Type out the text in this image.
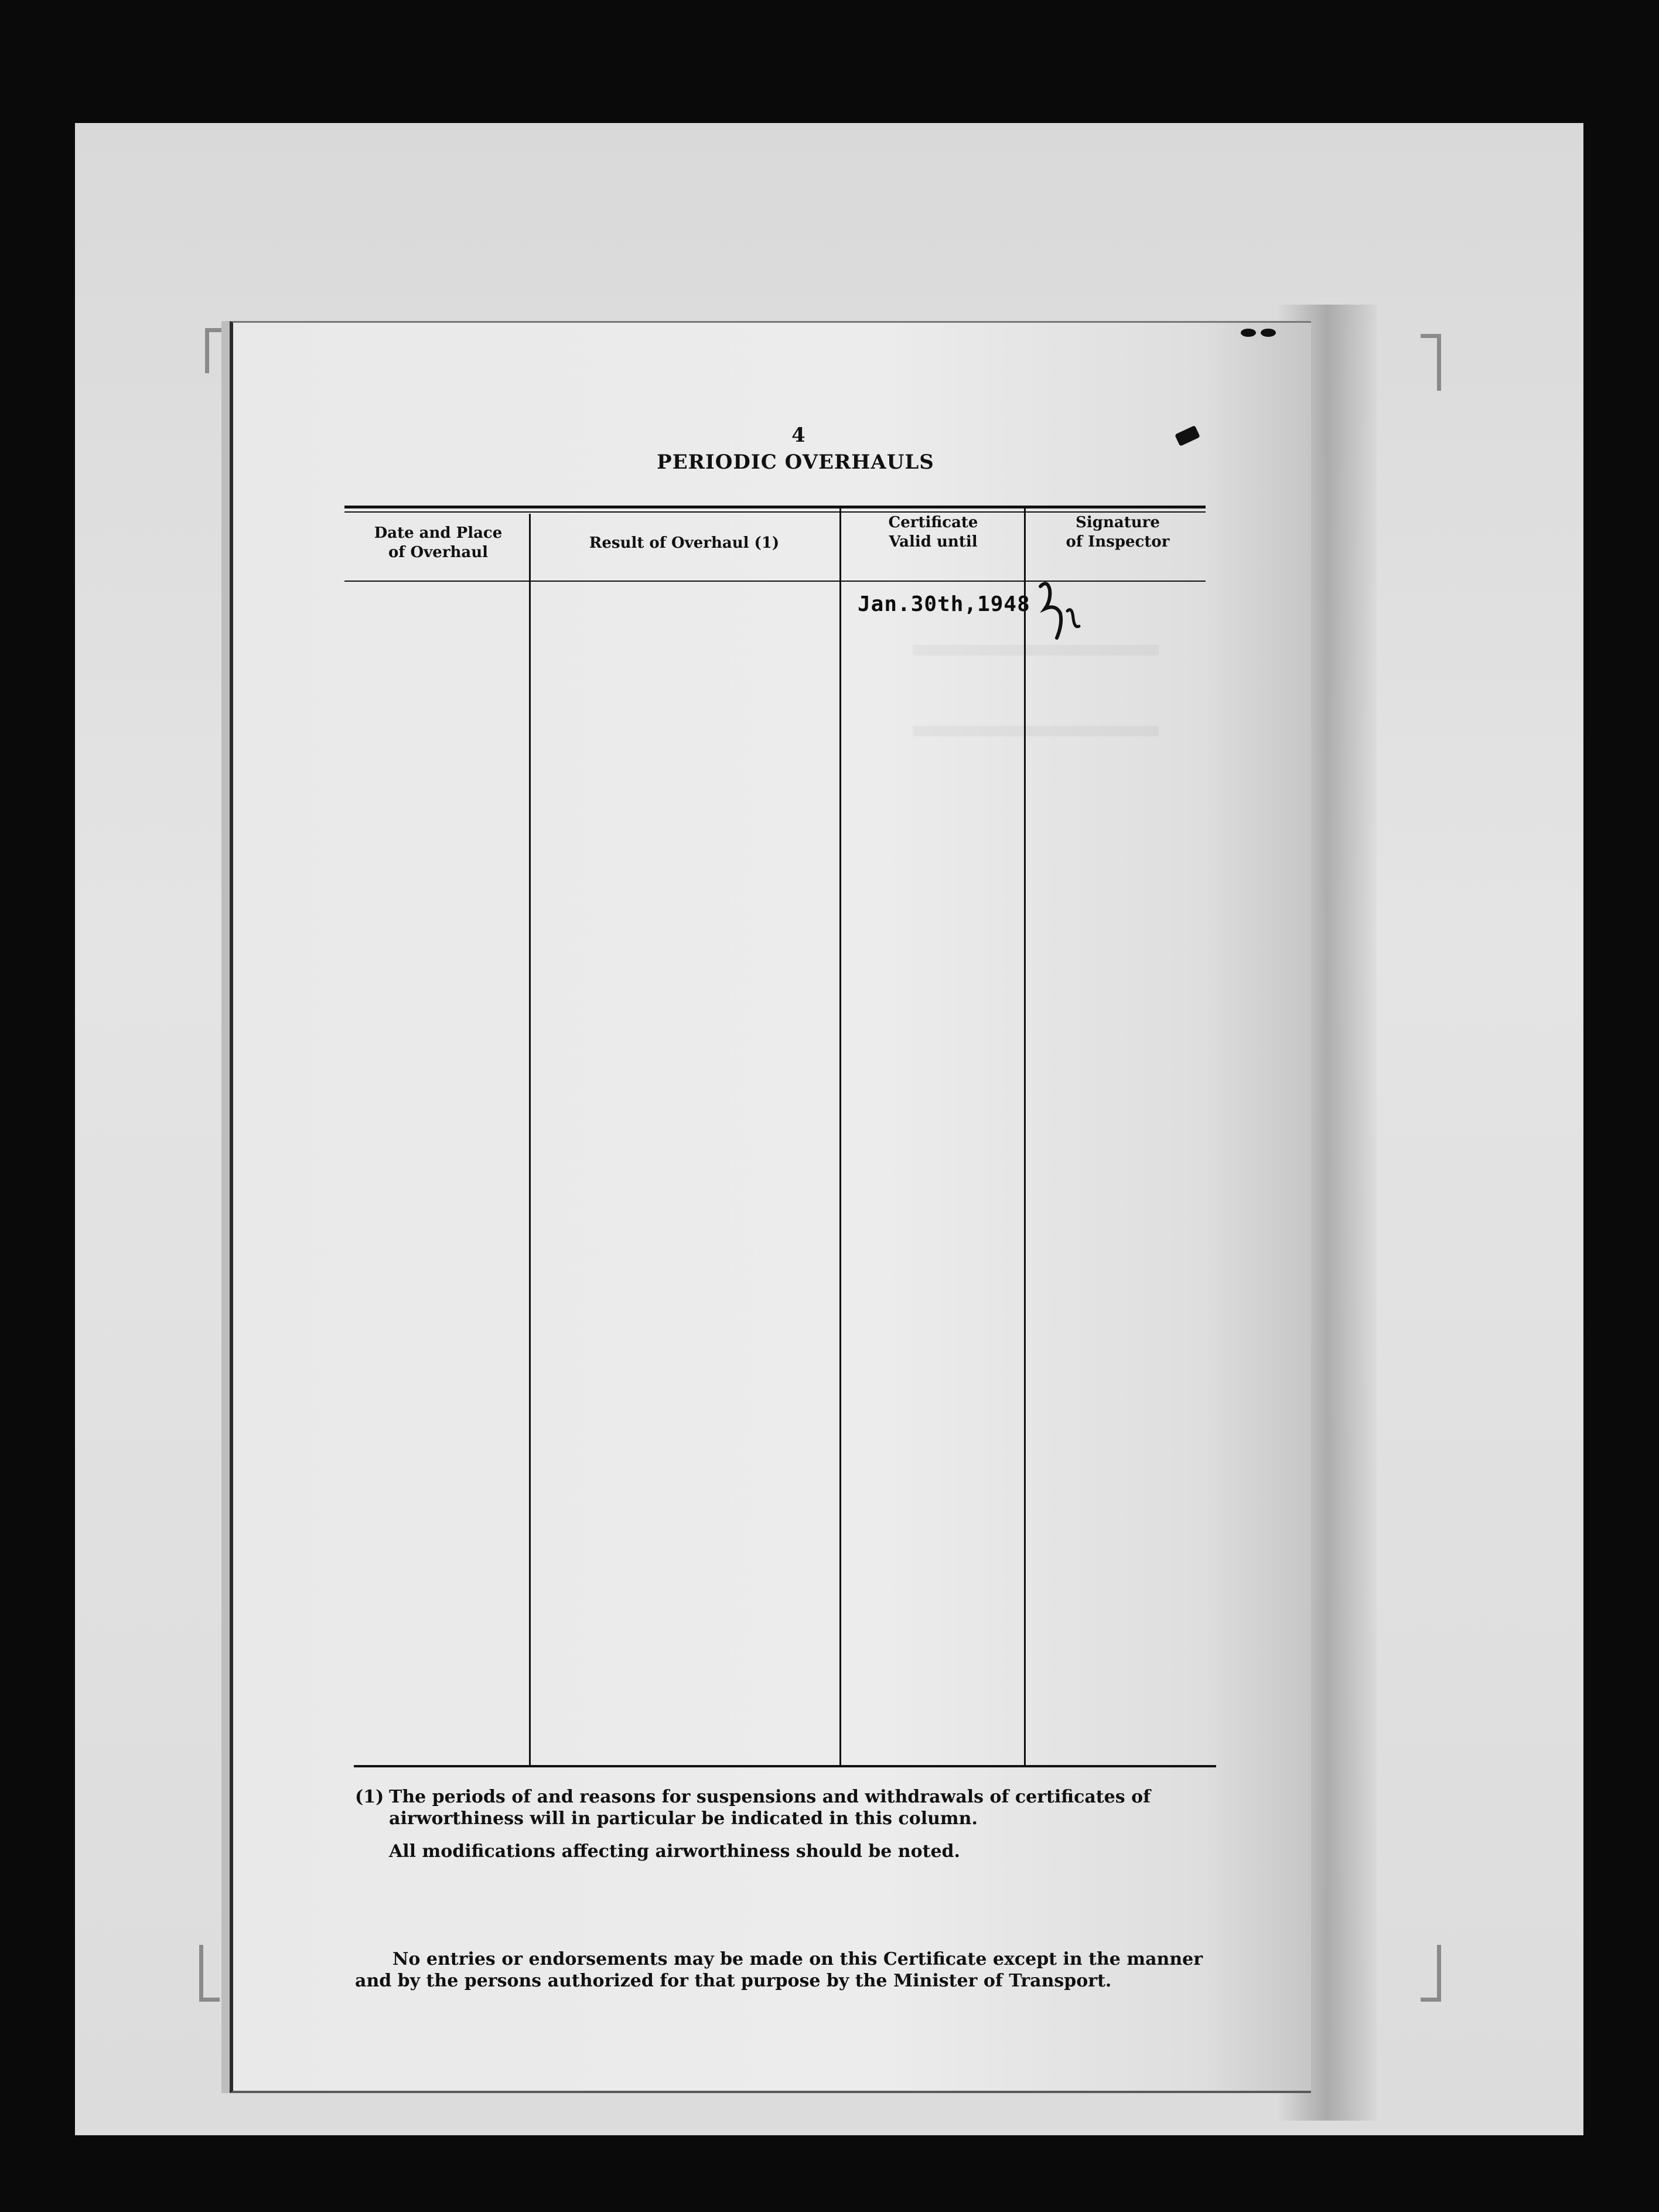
4
PERIODIC OVERHAULS
Date and Place
of Overhaul
Result of Overhaul (1)
Certificate
Valid until
Signature
of Inspector
Jan.30th,1948
(1) The periods of and reasons for suspensions and withdrawals of certificates of airworthiness will in particular be indicated in this column.
All modifications affecting airworthiness should be noted.
No entries or endorsements may be made on this Certificate except in the manner and by the persons authorized for that purpose by the Minister of Transport.
